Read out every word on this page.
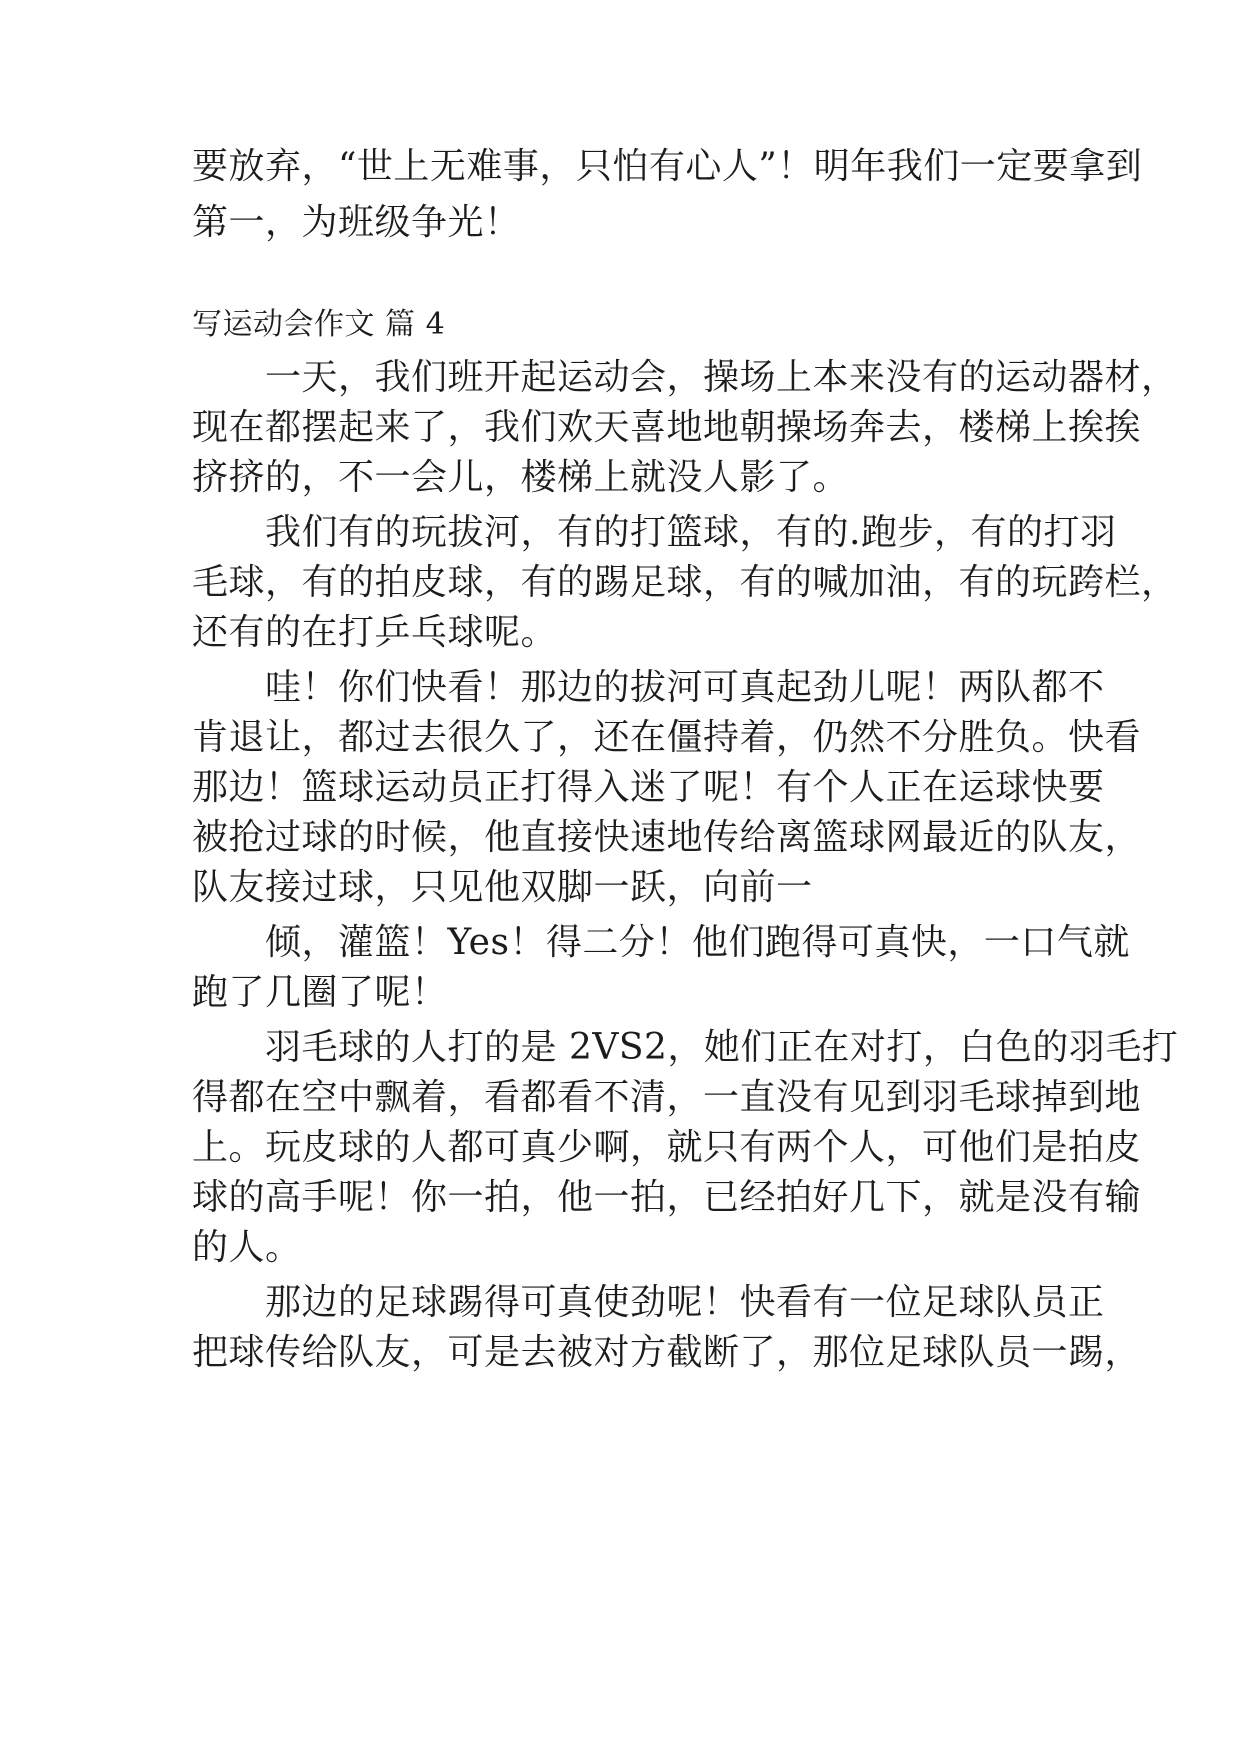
要放弃，“世上无难事，只怕有心人”！明年我们一定要拿到
第一，为班级争光！
写运动会作文 篇 4
　　一天，我们班开起运动会，操场上本来没有的运动器材，
现在都摆起来了，我们欢天喜地地朝操场奔去，楼梯上挨挨
挤挤的，不一会儿，楼梯上就没人影了。
　　我们有的玩拔河，有的打篮球，有的.跑步，有的打羽
毛球，有的拍皮球，有的踢足球，有的喊加油，有的玩跨栏，
还有的在打乒乓球呢。
　　哇！你们快看！那边的拔河可真起劲儿呢！两队都不
肯退让，都过去很久了，还在僵持着，仍然不分胜负。快看
那边！篮球运动员正打得入迷了呢！有个人正在运球快要
被抢过球的时候，他直接快速地传给离篮球网最近的队友，
队友接过球，只见他双脚一跃，向前一
　　倾，灌篮！Yes！得二分！他们跑得可真快，一口气就
跑了几圈了呢！
　　羽毛球的人打的是 2VS2，她们正在对打，白色的羽毛打
得都在空中飘着，看都看不清，一直没有见到羽毛球掉到地
上。玩皮球的人都可真少啊，就只有两个人，可他们是拍皮
球的高手呢！你一拍，他一拍，已经拍好几下，就是没有输
的人。
　　那边的足球踢得可真使劲呢！快看有一位足球队员正
把球传给队友，可是去被对方截断了，那位足球队员一踢，
